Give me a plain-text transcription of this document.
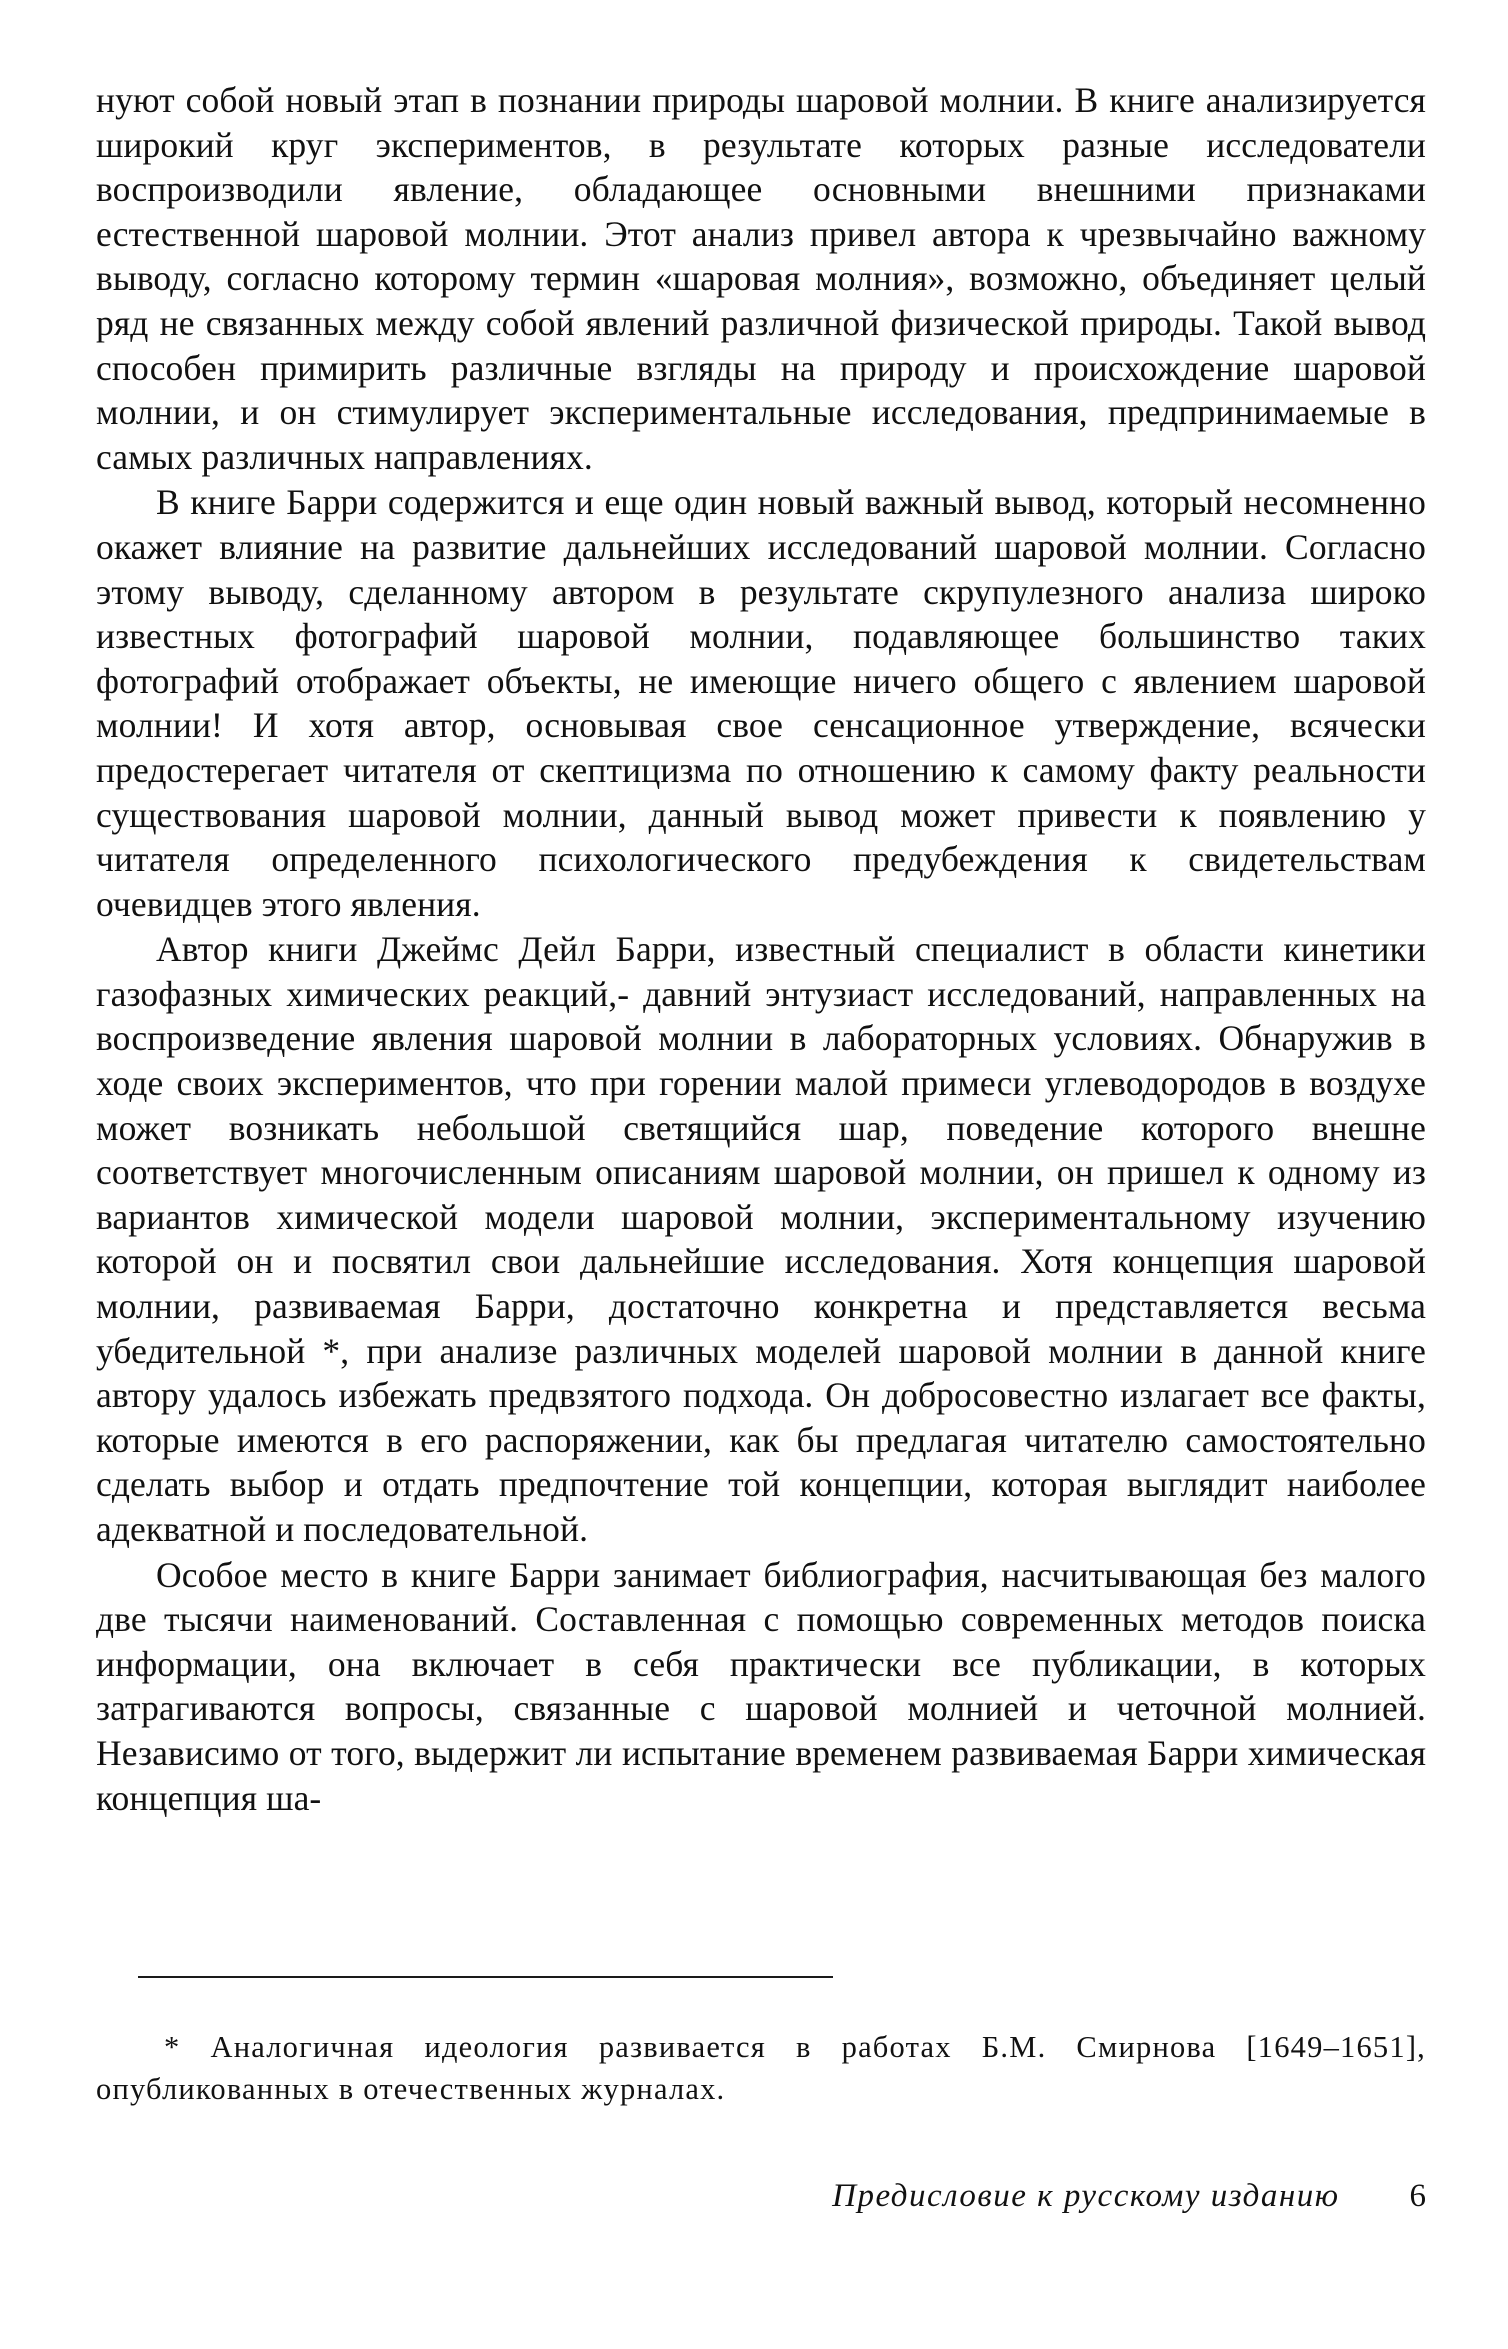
нуют собой новый этап в познании природы шаровой молнии. В книге анализируется широкий круг экспериментов, в результате которых разные исследователи воспроизводили явление, обладающее основными внешними признаками естественной шаровой молнии. Этот анализ привел автора к чрезвычайно важному выводу, согласно которому термин «шаровая молния», возможно, объединяет целый ряд не связанных между собой явлений различной физической природы. Такой вывод способен примирить различные взгляды на природу и происхождение шаровой молнии, и он стимулирует экспериментальные исследования, предпринимаемые в самых различных направлениях.

В книге Барри содержится и еще один новый важный вывод, который несомненно окажет влияние на развитие дальнейших исследований шаровой молнии. Согласно этому выводу, сделанному автором в результате скрупулезного анализа широко известных фотографий шаровой молнии, подавляющее большинство таких фотографий отображает объекты, не имеющие ничего общего с явлением шаровой молнии! И хотя автор, основывая свое сенсационное утверждение, всячески предостерегает читателя от скептицизма по отношению к самому факту реальности существования шаровой молнии, данный вывод может привести к появлению у читателя определенного психологического предубеждения к свидетельствам очевидцев этого явления.

Автор книги Джеймс Дейл Барри, известный специалист в области кинетики газофазных химических реакций,- давний энтузиаст исследований, направленных на воспроизведение явления шаровой молнии в лабораторных условиях. Обнаружив в ходе своих экспериментов, что при горении малой примеси углеводородов в воздухе может возникать небольшой светящийся шар, поведение которого внешне соответствует многочисленным описаниям шаровой молнии, он пришел к одному из вариантов химической модели шаровой молнии, экспериментальному изучению которой он и посвятил свои дальнейшие исследования. Хотя концепция шаровой молнии, развиваемая Барри, достаточно конкретна и представляется весьма убедительной *, при анализе различных моделей шаровой молнии в данной книге автору удалось избежать предвзятого подхода. Он добросовестно излагает все факты, которые имеются в его распоряжении, как бы предлагая читателю самостоятельно сделать выбор и отдать предпочтение той концепции, которая выглядит наиболее адекватной и последовательной.

Особое место в книге Барри занимает библиография, насчитывающая без малого две тысячи наименований. Составленная с помощью современных методов поиска информации, она включает в себя практически все публикации, в которых затрагиваются вопросы, связанные с шаровой молнией и четочной молнией. Независимо от того, выдержит ли испытание временем развиваемая Барри химическая концепция ша-

* Аналогичная идеология развивается в работах Б.М. Смирнова [1649–1651], опубликованных в отечественных журналах.

Предисловие к русскому изданию 6
